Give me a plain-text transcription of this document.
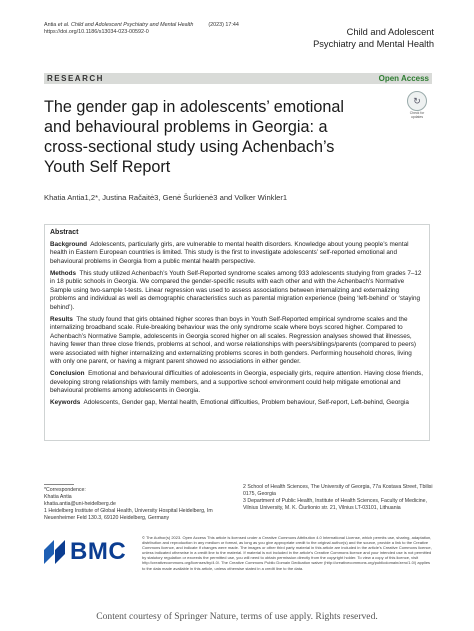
Antia et al. Child and Adolescent Psychiatry and Mental Health	(2023) 17:44
https://doi.org/10.1186/s13034-023-00592-0	Child and Adolescent
Psychiatry and Mental Health
RESEARCH	Open Access
The gender gap in adolescents’ emotional and behavioural problems in Georgia: a cross-sectional study using Achenbach’s Youth Self Report
↻
Check for
updates
Khatia Antia1,2*, Justina Račaitė3, Genė Šurkienė3 and Volker Winkler1
Abstract

Background Adolescents, particularly girls, are vulnerable to mental health disorders. Knowledge about young people’s mental health in Eastern European countries is limited. This study is the first to investigate adolescents’ self-reported emotional and behavioural problems in Georgia from a public mental health perspective.

Methods This study utilized Achenbach’s Youth Self-Reported syndrome scales among 933 adolescents studying from grades 7–12 in 18 public schools in Georgia. We compared the gender-specific results with each other and with the Achenbach’s Normative Sample using two-sample t-tests. Linear regression was used to assess associations between internalizing and externalizing problems and individual as well as demographic characteristics such as parental migration experience (being ‘left-behind’ or ‘staying behind’).

Results The study found that girls obtained higher scores than boys in Youth Self-Reported empirical syndrome scales and the internalizing broadband scale. Rule-breaking behaviour was the only syndrome scale where boys scored higher. Compared to Achenbach’s Normative Sample, adolescents in Georgia scored higher on all scales. Regression analyses showed that illnesses, having fewer than three close friends, problems at school, and worse relationships with peers/siblings/parents (compared to peers) were associated with higher internalizing and externalizing problems scores in both genders. Performing household chores, living with only one parent, or having a migrant parent showed no associations in either gender.

Conclusion Emotional and behavioural difficulties of adolescents in Georgia, especially girls, require attention. Having close friends, developing strong relationships with family members, and a supportive school environment could help mitigate emotional and behavioural problems among adolescents in Georgia.

Keywords Adolescents, Gender gap, Mental health, Emotional difficulties, Problem behaviour, Self-report, Left-behind, Georgia

*Correspondence:
Khatia Antia
khatia.antia@uni-heidelberg.de
1 Heidelberg Institute of Global Health, University Hospital Heidelberg, Im Neuenheimer Feld 130.3, 69120 Heidelberg, Germany
2 School of Health Sciences, The University of Georgia, 77a Kostava Street, Tbilisi 0175, Georgia
3 Department of Public Health, Institute of Health Sciences, Faculty of Medicine, Vilnius University, M. K. Čiurlionio str. 21, Vilnius LT-03101, Lithuania
BMC
© The Author(s) 2023. Open Access This article is licensed under a Creative Commons Attribution 4.0 International License, which permits use, sharing, adaptation, distribution and reproduction in any medium or format, as long as you give appropriate credit to the original author(s) and the source, provide a link to the Creative Commons licence, and indicate if changes were made. The images or other third party material in this article are included in the article’s Creative Commons licence, unless indicated otherwise in a credit line to the material. If material is not included in the article’s Creative Commons licence and your intended use is not permitted by statutory regulation or exceeds the permitted use, you will need to obtain permission directly from the copyright holder. To view a copy of this licence, visit http://creativecommons.org/licenses/by/4.0/. The Creative Commons Public Domain Dedication waiver (http://creativecommons.org/publicdomain/zero/1.0/) applies to the data made available in this article, unless otherwise stated in a credit line to the data.
Content courtesy of Springer Nature, terms of use apply. Rights reserved.
